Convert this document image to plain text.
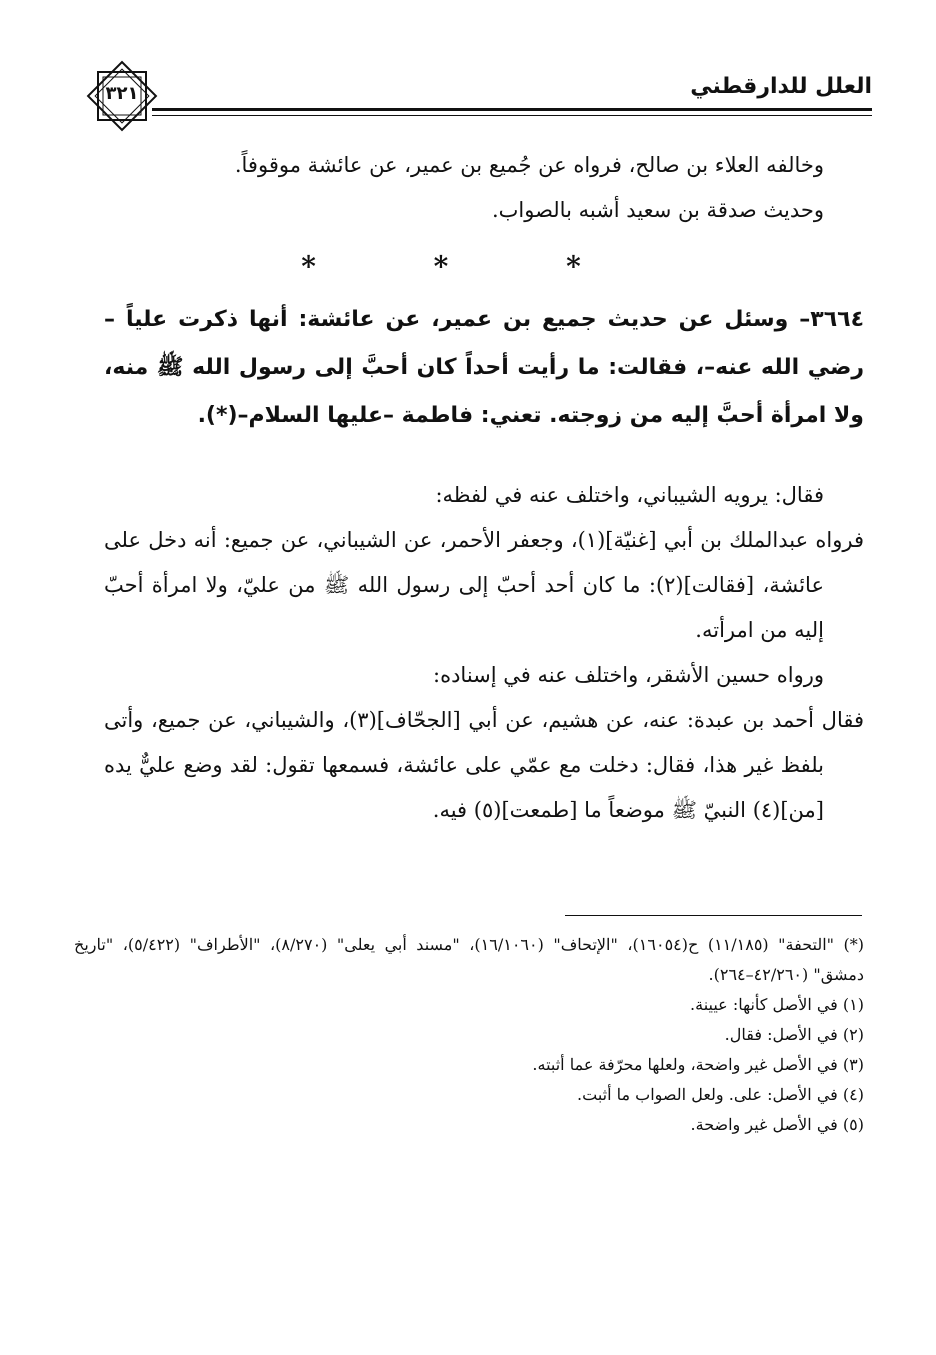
العلل للدارقطني
٣٢١

وخالفه العلاء بن صالح، فرواه عن جُميع بن عمير، عن عائشة موقوفاً.

وحديث صدقة بن سعيد أشبه بالصواب.

* * *

٣٦٦٤– وسئل عن حديث جميع بن عمير، عن عائشة: أنها ذكرت علياً –رضي الله عنه–، فقالت: ما رأيت أحداً كان أحبَّ إلى رسول الله ﷺ منه، ولا امرأة أحبَّ إليه من زوجته. تعني: فاطمة –عليها السلام–(*).

فقال: يرويه الشيباني، واختلف عنه في لفظه:

فرواه عبدالملك بن أبي [غنيّة](١)، وجعفر الأحمر، عن الشيباني، عن جميع: أنه دخل على عائشة، [فقالت](٢): ما كان أحد أحبّ إلى رسول الله ﷺ من عليّ، ولا امرأة أحبّ إليه من امرأته.

ورواه حسين الأشقر، واختلف عنه في إسناده:

فقال أحمد بن عبدة: عنه، عن هشيم، عن أبي [الجحّاف](٣)، والشيباني، عن جميع، وأتى بلفظ غير هذا، فقال: دخلت مع عمّي على عائشة، فسمعها تقول: لقد وضع عليٌّ يده [من](٤) النبيّ ﷺ موضعاً ما [طمعت](٥) فيه.

(*) "التحفة" (١١/١٨٥) ح(١٦٠٥٤)، "الإتحاف" (١٦/١٠٦٠)، "مسند أبي يعلى" (٨/٢٧٠)، "الأطراف" (٥/٤٢٢)، "تاريخ دمشق" (٤٢/٢٦٠–٢٦٤).

(١) في الأصل كأنها: عيينة.

(٢) في الأصل: فقال.

(٣) في الأصل غير واضحة، ولعلها محرّفة عما أثبته.

(٤) في الأصل: على. ولعل الصواب ما أثبت.

(٥) في الأصل غير واضحة.
